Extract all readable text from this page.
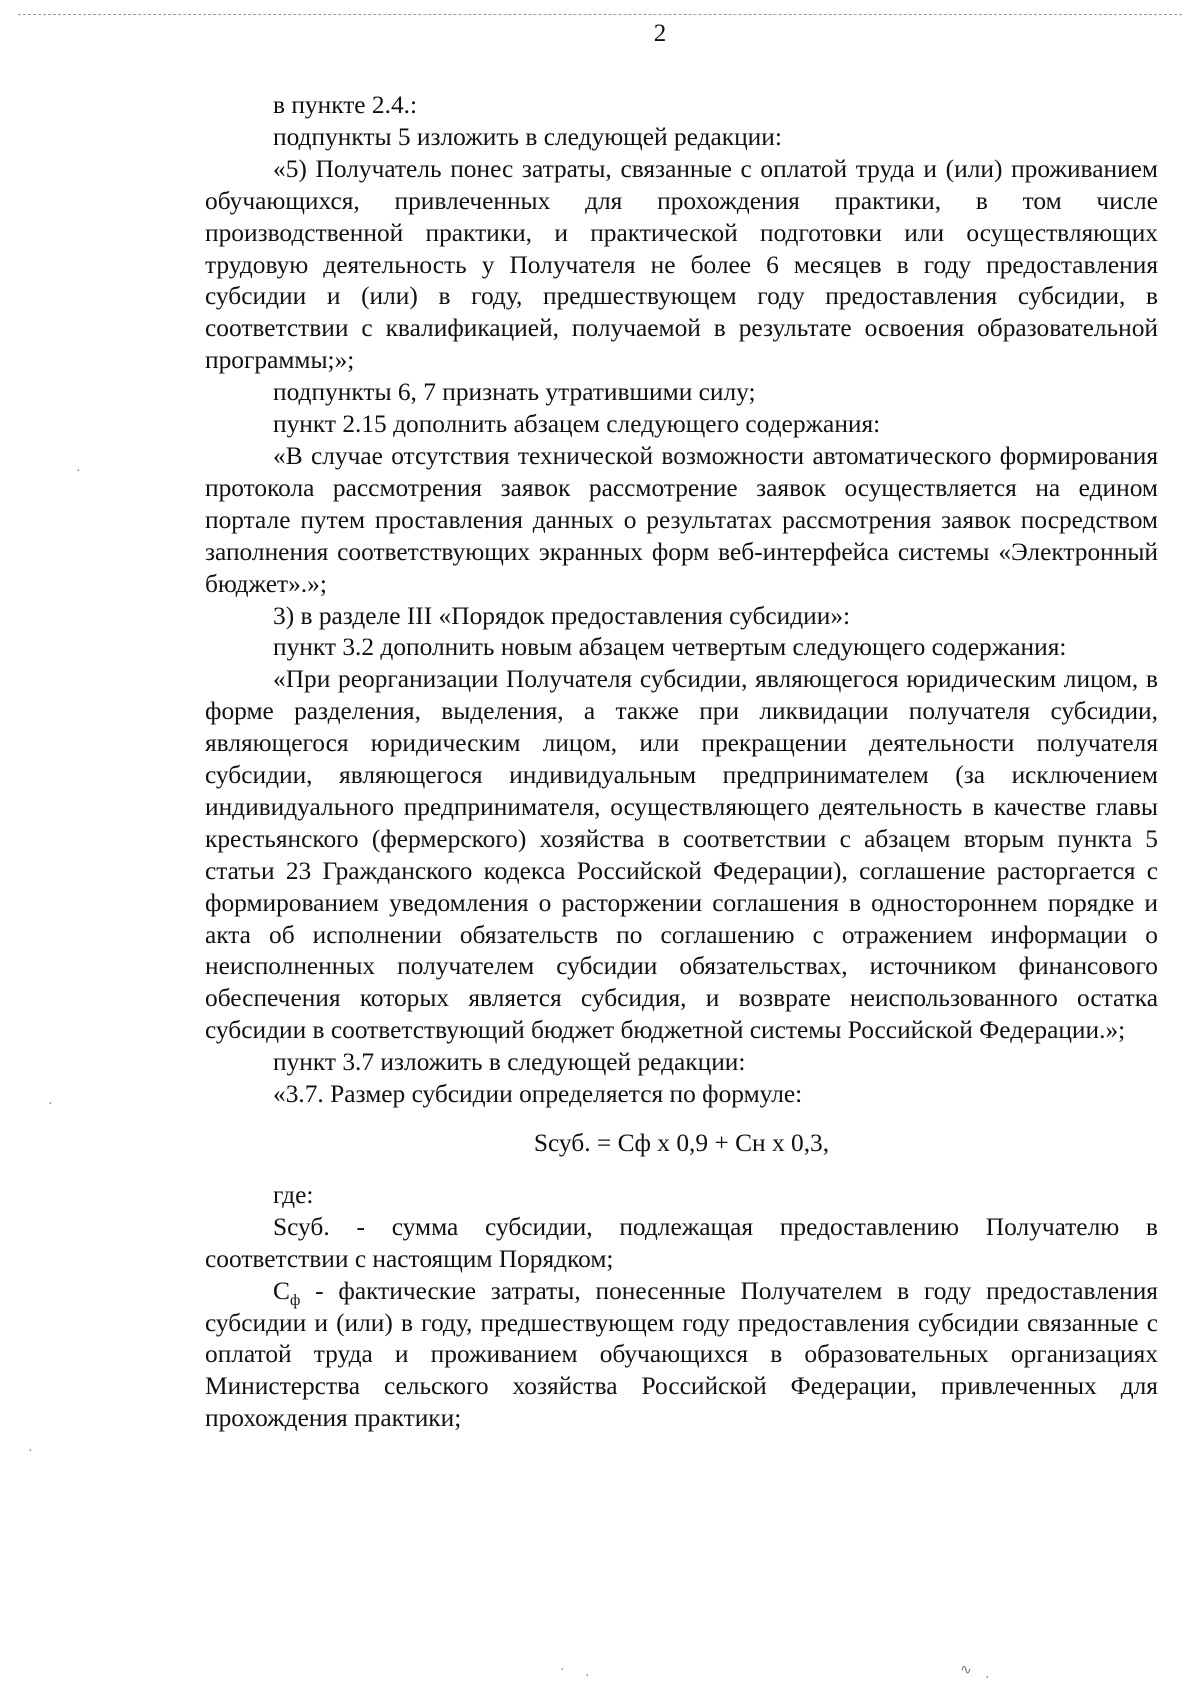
2

в пункте 2.4.:

подпункты 5 изложить в следующей редакции:

«5) Получатель понес затраты, связанные с оплатой труда и (или) проживанием обучающихся, привлеченных для прохождения практики, в том числе производственной практики, и практической подготовки или осуществляющих трудовую деятельность у Получателя не более 6 месяцев в году предоставления субсидии и (или) в году, предшествующем году предоставления субсидии, в соответствии с квалификацией, получаемой в результате освоения образовательной программы;»;

подпункты 6, 7 признать утратившими силу;

пункт 2.15 дополнить абзацем следующего содержания:

«В случае отсутствия технической возможности автоматического формирования протокола рассмотрения заявок рассмотрение заявок осуществляется на едином портале путем проставления данных о результатах рассмотрения заявок посредством заполнения соответствующих экранных форм веб-интерфейса системы «Электронный бюджет».»;

3) в разделе III «Порядок предоставления субсидии»:

пункт 3.2 дополнить новым абзацем четвертым следующего содержания:

«При реорганизации Получателя субсидии, являющегося юридическим лицом, в форме разделения, выделения, а также при ликвидации получателя субсидии, являющегося юридическим лицом, или прекращении деятельности получателя субсидии, являющегося индивидуальным предпринимателем (за исключением индивидуального предпринимателя, осуществляющего деятельность в качестве главы крестьянского (фермерского) хозяйства в соответствии с абзацем вторым пункта 5 статьи 23 Гражданского кодекса Российской Федерации), соглашение расторгается с формированием уведомления о расторжении соглашения в одностороннем порядке и акта об исполнении обязательств по соглашению с отражением информации о неисполненных получателем субсидии обязательствах, источником финансового обеспечения которых является субсидия, и возврате неиспользованного остатка субсидии в соответствующий бюджет бюджетной системы Российской Федерации.»;

пункт 3.7 изложить в следующей редакции:

«3.7. Размер субсидии определяется по формуле:

Sсуб. = Сф х 0,9 + Сн х 0,3,

где:

Sсуб. - сумма субсидии, подлежащая предоставлению Получателю в соответствии с настоящим Порядком;

$С_ф$ - фактические затраты, понесенные Получателем в году предоставления субсидии и (или) в году, предшествующем году предоставления субсидии связанные с оплатой труда и проживанием обучающихся в образовательных организациях Министерства сельского хозяйства Российской Федерации, привлеченных для прохождения практики;

·
·
·
· ·	∿
·
